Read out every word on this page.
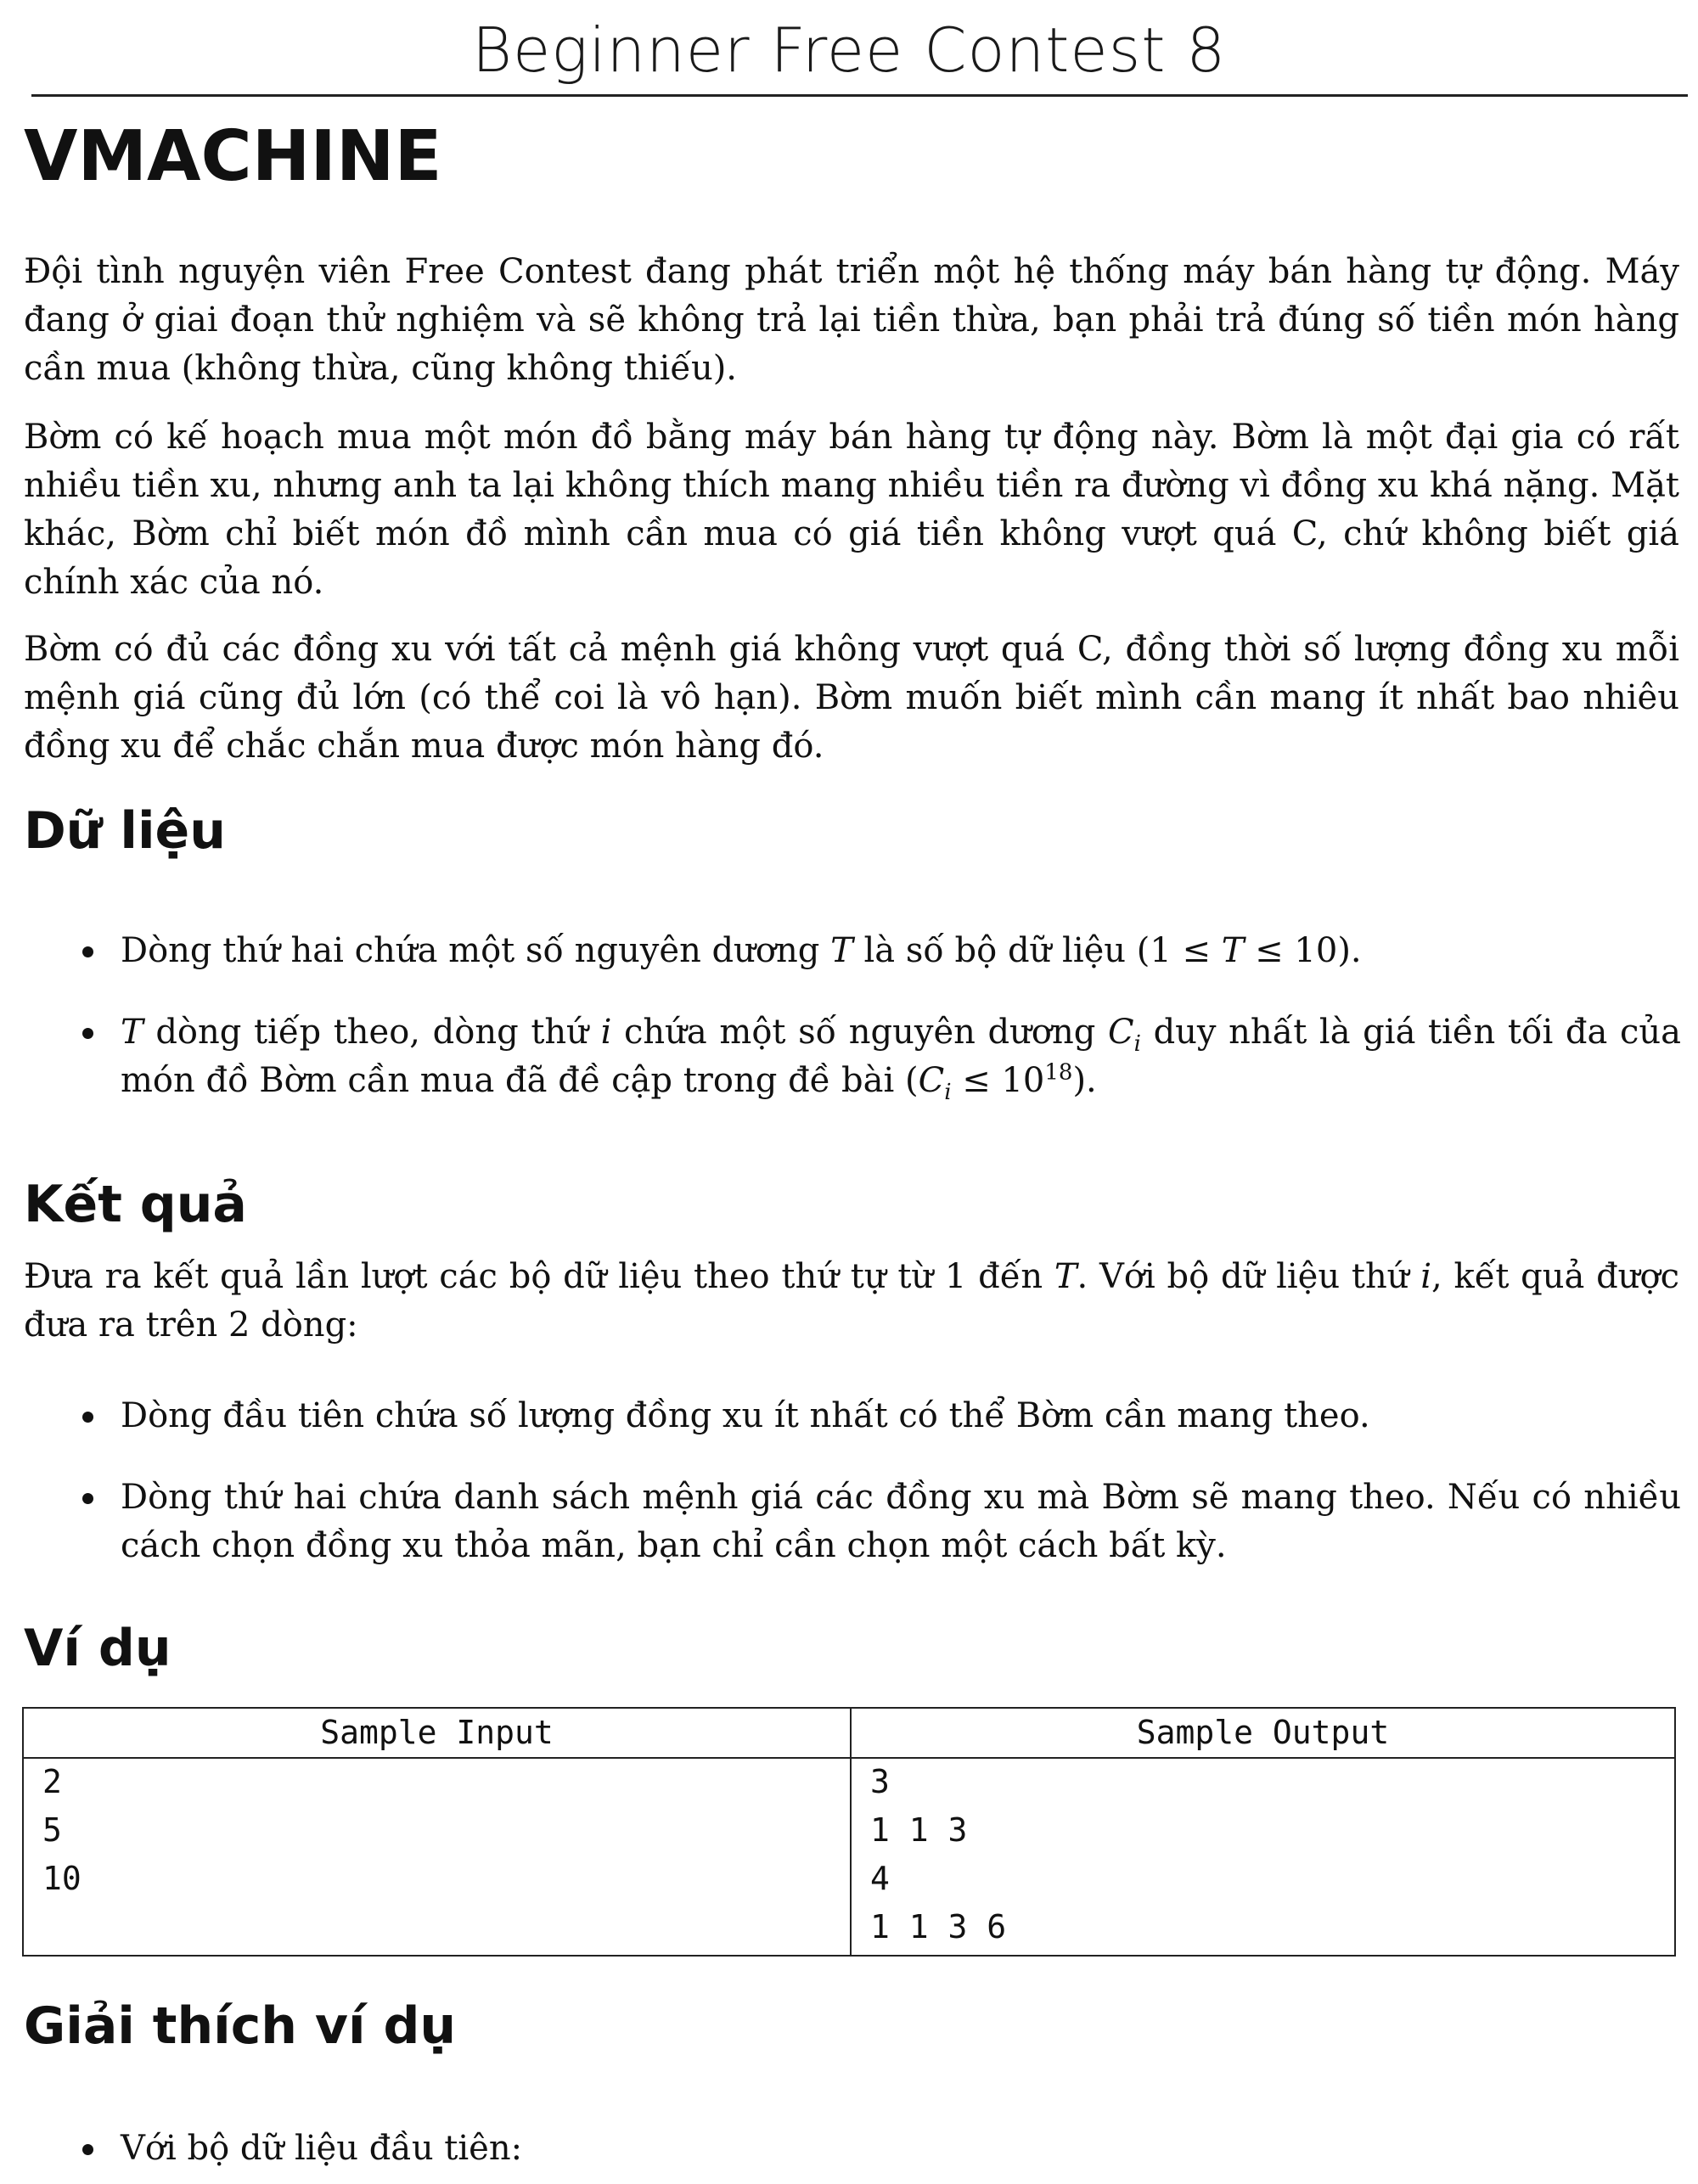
Beginner Free Contest 8
VMACHINE

Đội tình nguyện viên Free Contest đang phát triển một hệ thống máy bán hàng tự động. Máy đang ở giai đoạn thử nghiệm và sẽ không trả lại tiền thừa, bạn phải trả đúng số tiền món hàng cần mua (không thừa, cũng không thiếu).

Bờm có kế hoạch mua một món đồ bằng máy bán hàng tự động này. Bờm là một đại gia có rất nhiều tiền xu, nhưng anh ta lại không thích mang nhiều tiền ra đường vì đồng xu khá nặng. Mặt khác, Bờm chỉ biết món đồ mình cần mua có giá tiền không vượt quá C, chứ không biết giá chính xác của nó.

Bờm có đủ các đồng xu với tất cả mệnh giá không vượt quá C, đồng thời số lượng đồng xu mỗi mệnh giá cũng đủ lớn (có thể coi là vô hạn). Bờm muốn biết mình cần mang ít nhất bao nhiêu đồng xu để chắc chắn mua được món hàng đó.

Dữ liệu

Dòng thứ hai chứa một số nguyên dương T là số bộ dữ liệu (1 ≤ T ≤ 10).

T dòng tiếp theo, dòng thứ i chứa một số nguyên dương $C_i$ duy nhất là giá tiền tối đa của món đồ Bờm cần mua đã đề cập trong đề bài $(C_i \le 10^{18})$.

Kết quả

Đưa ra kết quả lần lượt các bộ dữ liệu theo thứ tự từ 1 đến T. Với bộ dữ liệu thứ i, kết quả được đưa ra trên 2 dòng:

Dòng đầu tiên chứa số lượng đồng xu ít nhất có thể Bờm cần mang theo.

Dòng thứ hai chứa danh sách mệnh giá các đồng xu mà Bờm sẽ mang theo. Nếu có nhiều cách chọn đồng xu thỏa mãn, bạn chỉ cần chọn một cách bất kỳ.

Ví dụ
Sample Input	Sample Output
2
5
10
3
1 1 3
4
1 1 3 6
Giải thích ví dụ

Với bộ dữ liệu đầu tiên:
